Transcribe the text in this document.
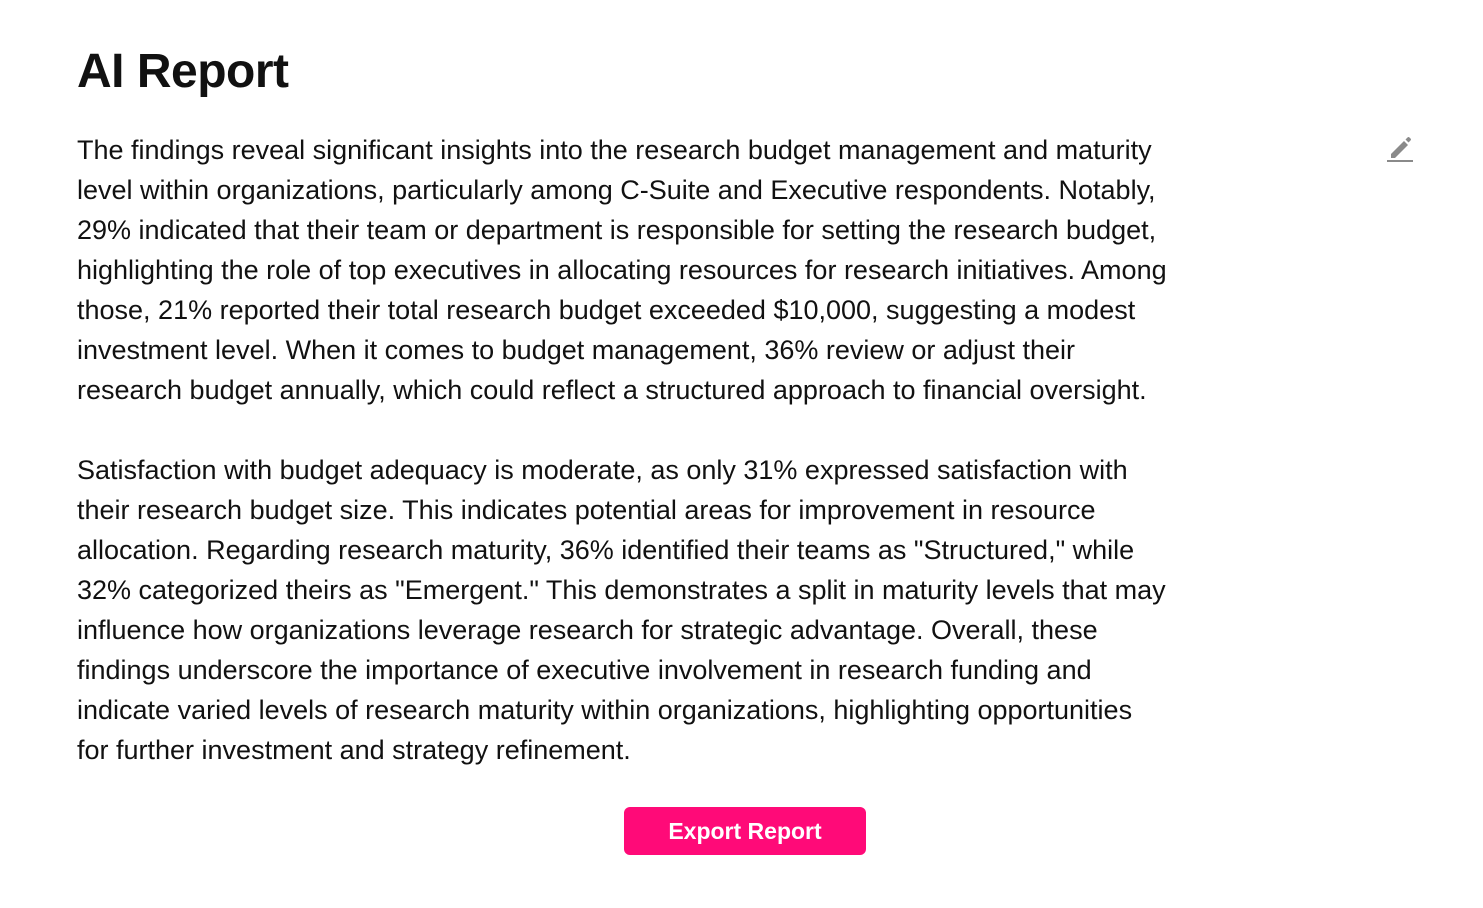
AI Report

The findings reveal significant insights into the research budget management and maturity
level within organizations, particularly among C-Suite and Executive respondents. Notably,
29% indicated that their team or department is responsible for setting the research budget,
highlighting the role of top executives in allocating resources for research initiatives. Among
those, 21% reported their total research budget exceeded $10,000, suggesting a modest
investment level. When it comes to budget management, 36% review or adjust their
research budget annually, which could reflect a structured approach to financial oversight.

Satisfaction with budget adequacy is moderate, as only 31% expressed satisfaction with
their research budget size. This indicates potential areas for improvement in resource
allocation. Regarding research maturity, 36% identified their teams as "Structured," while
32% categorized theirs as "Emergent." This demonstrates a split in maturity levels that may
influence how organizations leverage research for strategic advantage. Overall, these
findings underscore the importance of executive involvement in research funding and
indicate varied levels of research maturity within organizations, highlighting opportunities
for further investment and strategy refinement.

Export Report
